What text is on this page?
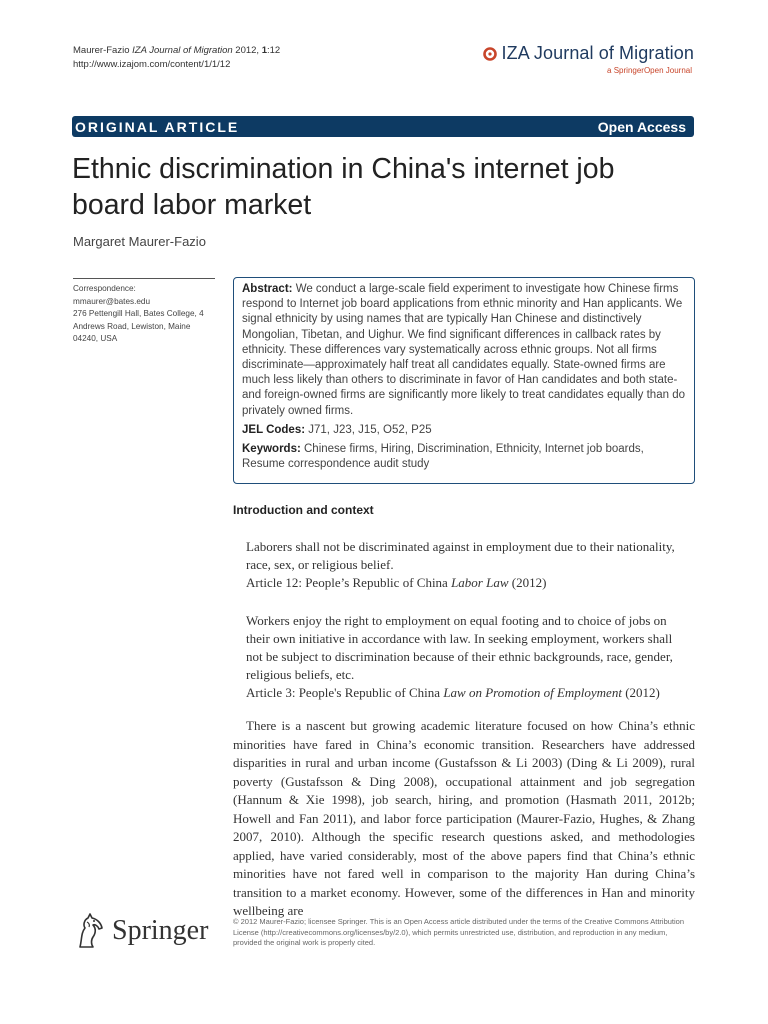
Maurer-Fazio IZA Journal of Migration 2012, 1:12
http://www.izajom.com/content/1/1/12
IZA Journal of Migration
a SpringerOpen Journal
ORIGINAL ARTICLE	Open Access
Ethnic discrimination in China's internet job board labor market
Margaret Maurer-Fazio
Correspondence:
mmaurer@bates.edu
276 Pettengill Hall, Bates College, 4
Andrews Road, Lewiston, Maine
04240, USA

Abstract: We conduct a large-scale field experiment to investigate how Chinese firms respond to Internet job board applications from ethnic minority and Han applicants. We signal ethnicity by using names that are typically Han Chinese and distinctively Mongolian, Tibetan, and Uighur. We find significant differences in callback rates by ethnicity. These differences vary systematically across ethnic groups. Not all firms discriminate—approximately half treat all candidates equally. State-owned firms are much less likely than others to discriminate in favor of Han candidates and both state- and foreign-owned firms are significantly more likely to treat candidates equally than do privately owned firms.

JEL Codes: J71, J23, J15, O52, P25

Keywords: Chinese firms, Hiring, Discrimination, Ethnicity, Internet job boards, Resume correspondence audit study

Introduction and context
Laborers shall not be discriminated against in employment due to their nationality, race, sex, or religious belief.
Article 12: People’s Republic of China Labor Law (2012)
Workers enjoy the right to employment on equal footing and to choice of jobs on their own initiative in accordance with law. In seeking employment, workers shall not be subject to discrimination because of their ethnic backgrounds, race, gender, religious beliefs, etc.
Article 3: People's Republic of China Law on Promotion of Employment (2012)
There is a nascent but growing academic literature focused on how China’s ethnic minorities have fared in China’s economic transition. Researchers have addressed disparities in rural and urban income (Gustafsson & Li 2003) (Ding & Li 2009), rural poverty (Gustafsson & Ding 2008), occupational attainment and job segregation (Hannum & Xie 1998), job search, hiring, and promotion (Hasmath 2011, 2012b; Howell and Fan 2011), and labor force participation (Maurer-Fazio, Hughes, & Zhang 2007, 2010). Although the specific research questions asked, and methodologies applied, have varied considerably, most of the above papers find that China’s ethnic minorities have not fared well in comparison to the majority Han during China’s transition to a market economy. However, some of the differences in Han and minority wellbeing are
Springer	© 2012 Maurer-Fazio; licensee Springer. This is an Open Access article distributed under the terms of the Creative Commons Attribution License (http://creativecommons.org/licenses/by/2.0), which permits unrestricted use, distribution, and reproduction in any medium, provided the original work is properly cited.
